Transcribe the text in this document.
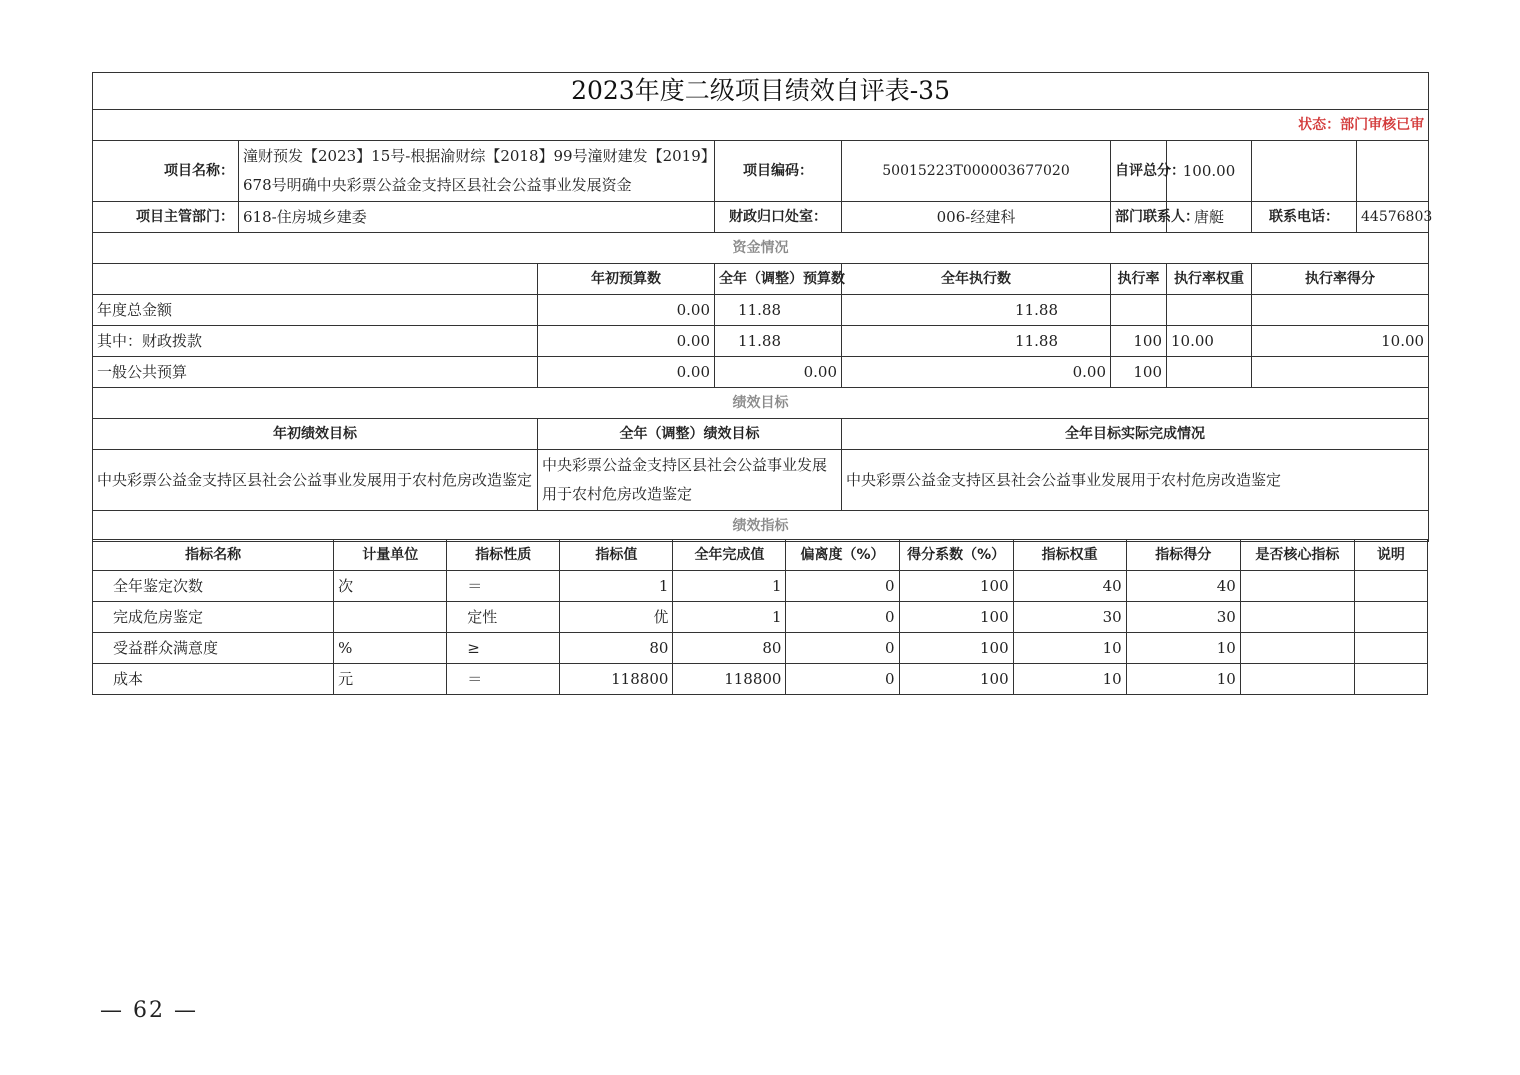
2023年度二级项目绩效自评表-35								
状态：部门审核已审								
项目名称：	潼财预发【2023】15号-根据渝财综【2018】99号潼财建发【2019】678号明确中央彩票公益金支持区县社会公益事业发展资金		项目编码：	50015223T000003677020	自评总分：	100.00		
项目主管部门：	618-住房城乡建委		财政归口处室：	006-经建科	部门联系人：	唐艇	联系电话：	44576803
资金情况								
		年初预算数	全年（调整）预算数	全年执行数	执行率	执行率权重	执行率得分	
年度总金额		0.00	11.88	11.88				
其中：财政拨款		0.00	11.88	11.88	100	10.00	10.00	
一般公共预算		0.00	0.00	0.00	100			
绩效目标								
年初绩效目标		全年（调整）绩效目标		全年目标实际完成情况				
中央彩票公益金支持区县社会公益事业发展用于农村危房改造鉴定		中央彩票公益金支持区县社会公益事业发展用于农村危房改造鉴定		中央彩票公益金支持区县社会公益事业发展用于农村危房改造鉴定				
绩效指标								
指标名称	计量单位	指标性质	指标值	全年完成值	偏离度（%）	得分系数（%）	指标权重	指标得分	是否核心指标	说明
全年鉴定次数	次	＝	1	1	0	100	40	40		
完成危房鉴定		定性	优	1	0	100	30	30		
受益群众满意度	%	≥	80	80	0	100	10	10		
成本	元	＝	118800	118800	0	100	10	10		
— 62 —
